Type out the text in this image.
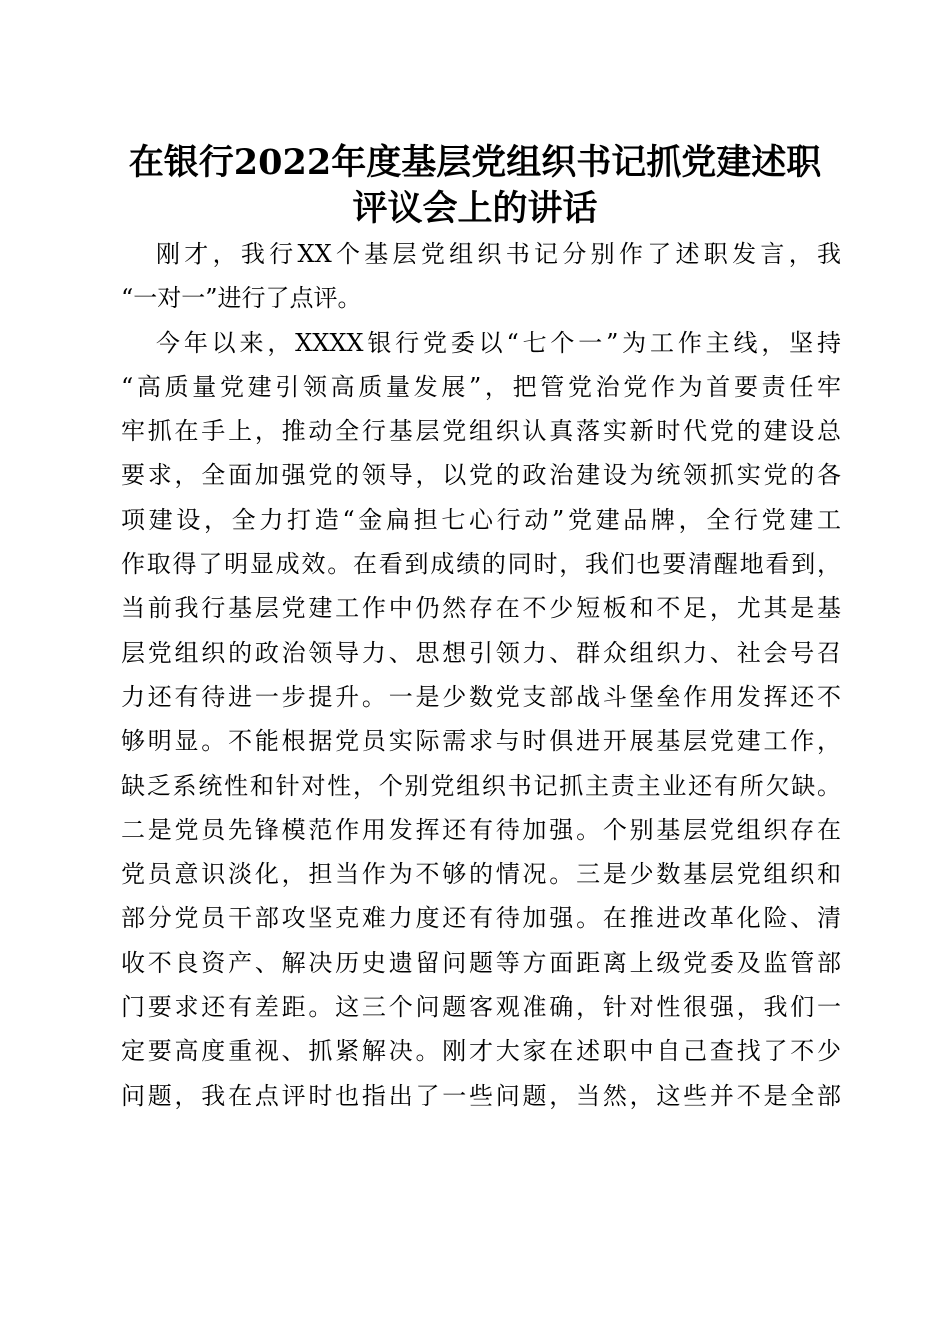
在银行2022年度基层党组织书记抓党建述职
评议会上的讲话
刚才，我行XX个基层党组织书记分别作了述职发言，我
“一对一”进行了点评。
今年以来，XXXX银行党委以“七个一”为工作主线，坚持
“高质量党建引领高质量发展”，把管党治党作为首要责任牢
牢抓在手上，推动全行基层党组织认真落实新时代党的建设总
要求，全面加强党的领导，以党的政治建设为统领抓实党的各
项建设，全力打造“金扁担七心行动”党建品牌，全行党建工
作取得了明显成效。在看到成绩的同时，我们也要清醒地看到，
当前我行基层党建工作中仍然存在不少短板和不足，尤其是基
层党组织的政治领导力、思想引领力、群众组织力、社会号召
力还有待进一步提升。一是少数党支部战斗堡垒作用发挥还不
够明显。不能根据党员实际需求与时俱进开展基层党建工作，
缺乏系统性和针对性，个别党组织书记抓主责主业还有所欠缺。
二是党员先锋模范作用发挥还有待加强。个别基层党组织存在
党员意识淡化，担当作为不够的情况。三是少数基层党组织和
部分党员干部攻坚克难力度还有待加强。在推进改革化险、清
收不良资产、解决历史遗留问题等方面距离上级党委及监管部
门要求还有差距。这三个问题客观准确，针对性很强，我们一
定要高度重视、抓紧解决。刚才大家在述职中自己查找了不少
问题，我在点评时也指出了一些问题，当然，这些并不是全部
